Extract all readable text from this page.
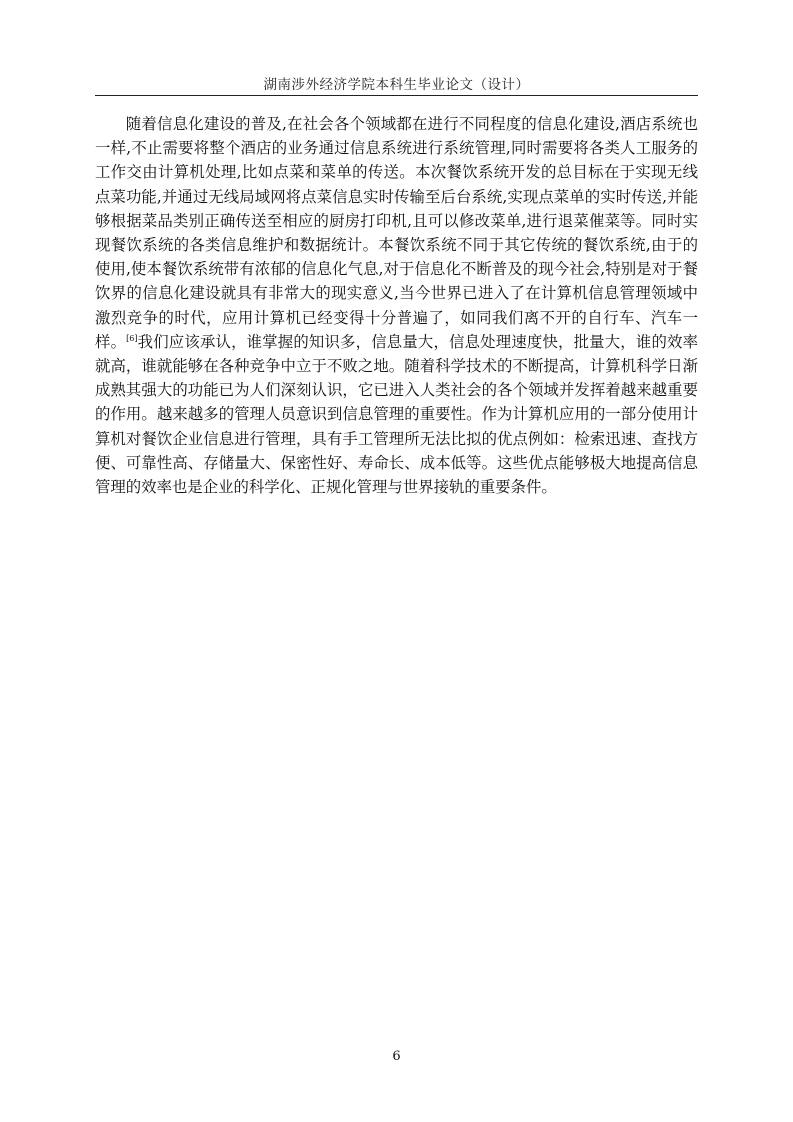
湖南涉外经济学院本科生毕业论文（设计）

随着信息化建设的普及,在社会各个领域都在进行不同程度的信息化建设,酒店系统也一样,不止需要将整个酒店的业务通过信息系统进行系统管理,同时需要将各类人工服务的工作交由计算机处理,比如点菜和菜单的传送。本次餐饮系统开发的总目标在于实现无线点菜功能,并通过无线局域网将点菜信息实时传输至后台系统,实现点菜单的实时传送,并能够根据菜品类别正确传送至相应的厨房打印机,且可以修改菜单,进行退菜催菜等。同时实现餐饮系统的各类信息维护和数据统计。本餐饮系统不同于其它传统的餐饮系统,由于的使用,使本餐饮系统带有浓郁的信息化气息,对于信息化不断普及的现今社会,特别是对于餐饮界的信息化建设就具有非常大的现实意义,当今世界已进入了在计算机信息管理领域中激烈竞争的时代，应用计算机已经变得十分普遍了，如同我们离不开的自行车、汽车一样。[6]我们应该承认，谁掌握的知识多，信息量大，信息处理速度快，批量大，谁的效率就高，谁就能够在各种竞争中立于不败之地。随着科学技术的不断提高，计算机科学日渐成熟其强大的功能已为人们深刻认识，它已进入人类社会的各个领域并发挥着越来越重要的作用。越来越多的管理人员意识到信息管理的重要性。作为计算机应用的一部分使用计算机对餐饮企业信息进行管理，具有手工管理所无法比拟的优点例如：检索迅速、查找方便、可靠性高、存储量大、保密性好、寿命长、成本低等。这些优点能够极大地提高信息管理的效率也是企业的科学化、正规化管理与世界接轨的重要条件。

6
